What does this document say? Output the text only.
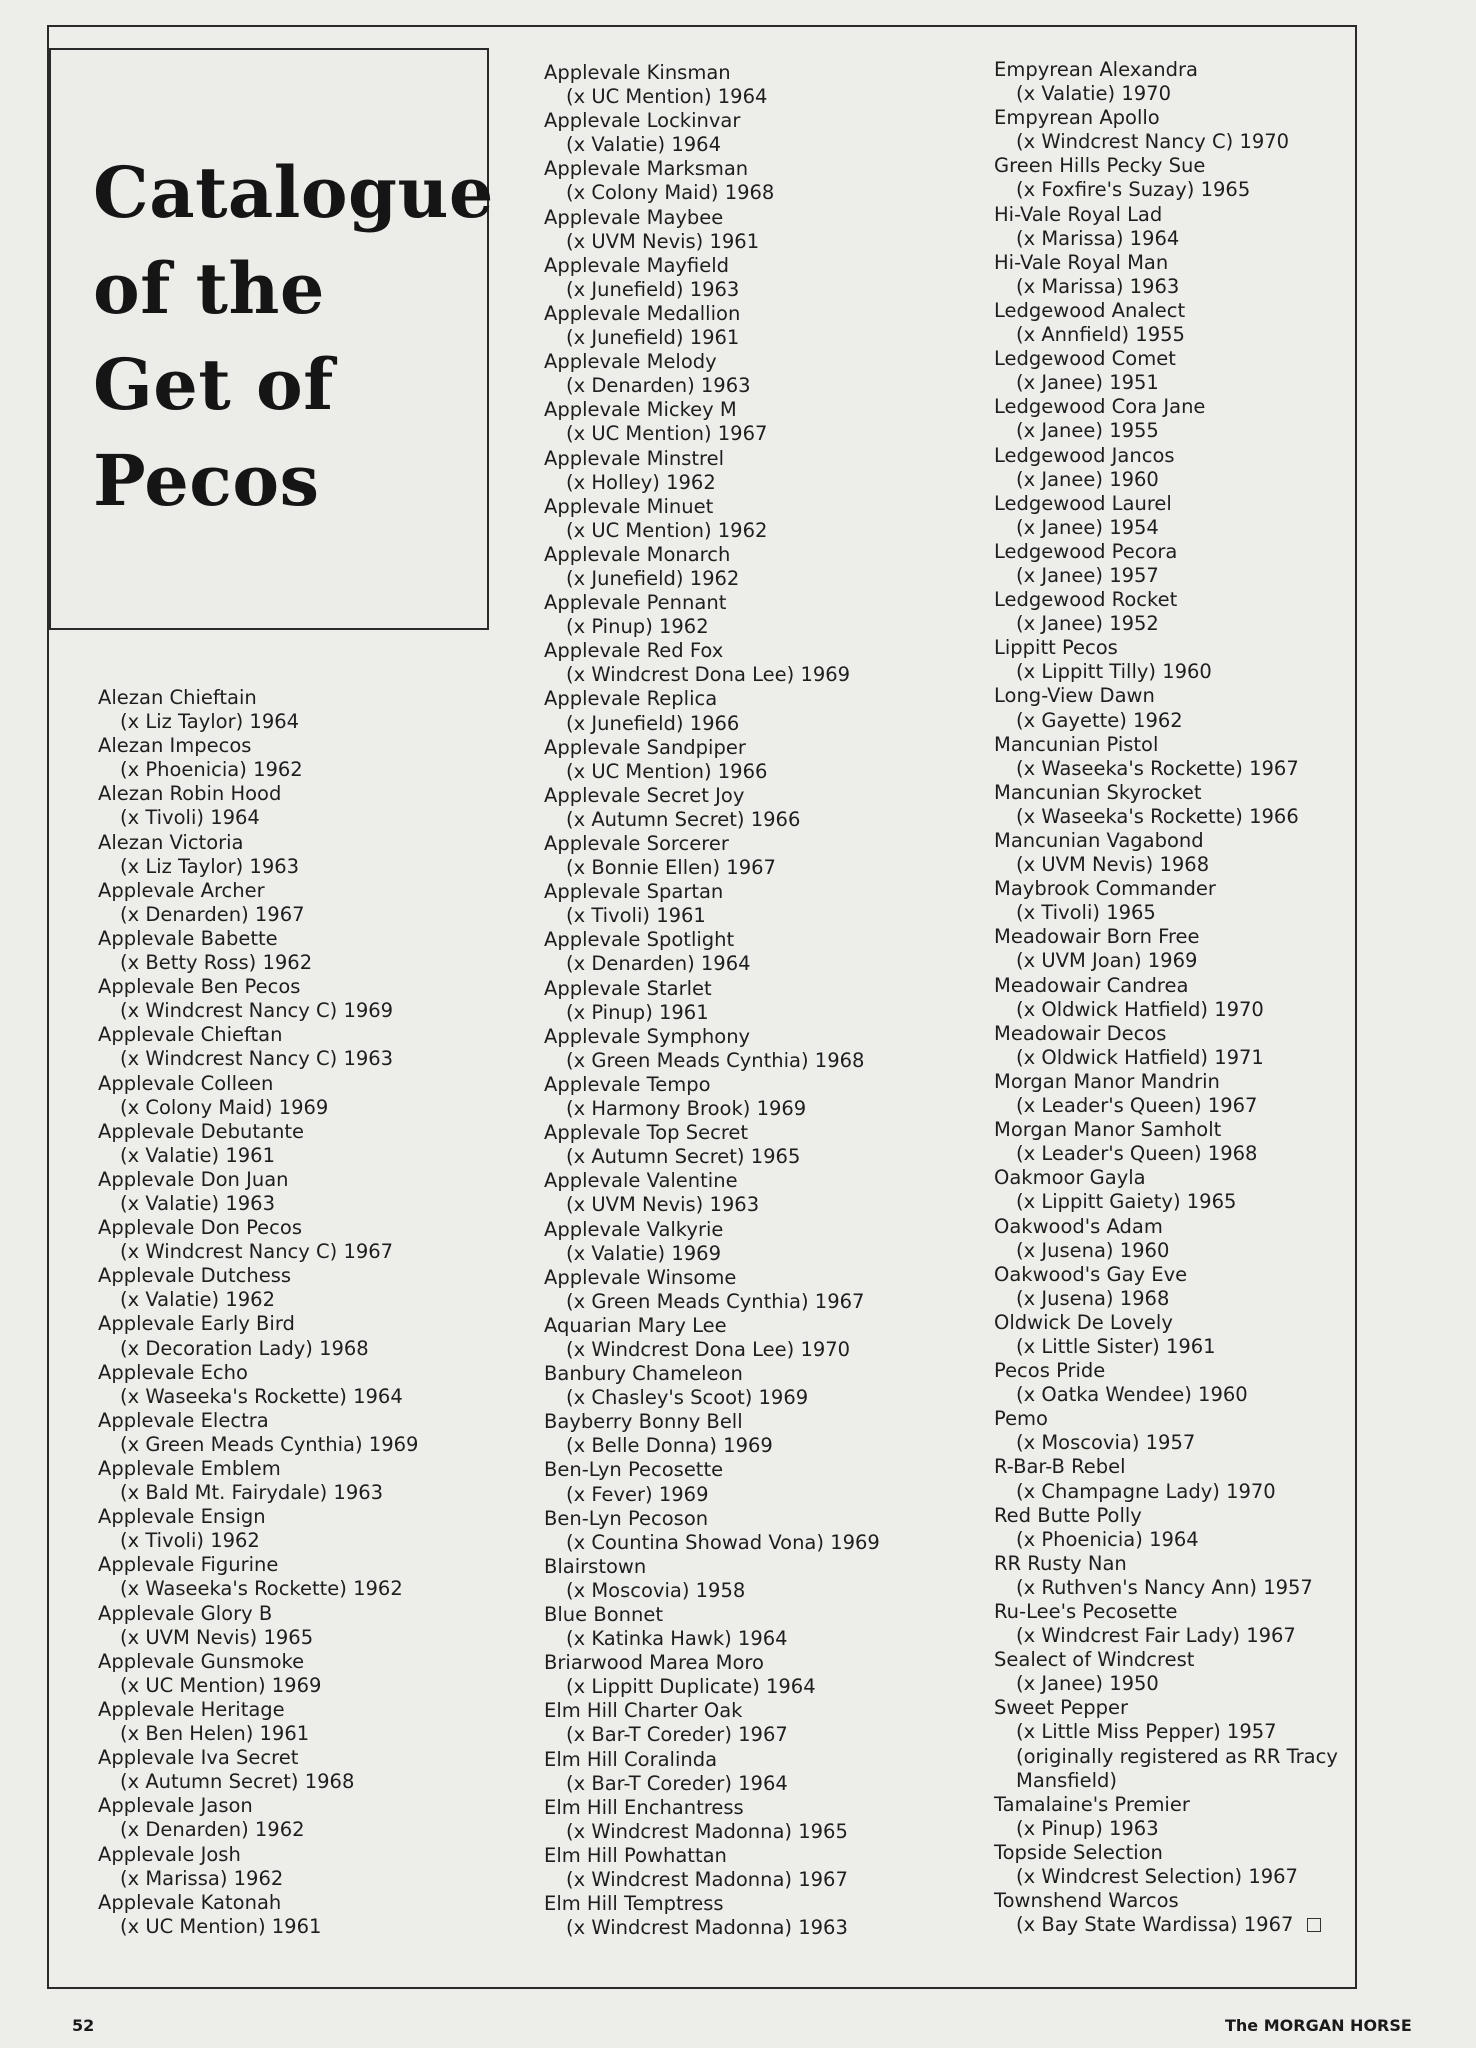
Catalogue
of the
Get of
Pecos
Alezan Chieftain
(x Liz Taylor) 1964
Alezan Impecos
(x Phoenicia) 1962
Alezan Robin Hood
(x Tivoli) 1964
Alezan Victoria
(x Liz Taylor) 1963
Applevale Archer
(x Denarden) 1967
Applevale Babette
(x Betty Ross) 1962
Applevale Ben Pecos
(x Windcrest Nancy C) 1969
Applevale Chieftan
(x Windcrest Nancy C) 1963
Applevale Colleen
(x Colony Maid) 1969
Applevale Debutante
(x Valatie) 1961
Applevale Don Juan
(x Valatie) 1963
Applevale Don Pecos
(x Windcrest Nancy C) 1967
Applevale Dutchess
(x Valatie) 1962
Applevale Early Bird
(x Decoration Lady) 1968
Applevale Echo
(x Waseeka's Rockette) 1964
Applevale Electra
(x Green Meads Cynthia) 1969
Applevale Emblem
(x Bald Mt. Fairydale) 1963
Applevale Ensign
(x Tivoli) 1962
Applevale Figurine
(x Waseeka's Rockette) 1962
Applevale Glory B
(x UVM Nevis) 1965
Applevale Gunsmoke
(x UC Mention) 1969
Applevale Heritage
(x Ben Helen) 1961
Applevale Iva Secret
(x Autumn Secret) 1968
Applevale Jason
(x Denarden) 1962
Applevale Josh
(x Marissa) 1962
Applevale Katonah
(x UC Mention) 1961
Applevale Kinsman
(x UC Mention) 1964
Applevale Lockinvar
(x Valatie) 1964
Applevale Marksman
(x Colony Maid) 1968
Applevale Maybee
(x UVM Nevis) 1961
Applevale Mayfield
(x Junefield) 1963
Applevale Medallion
(x Junefield) 1961
Applevale Melody
(x Denarden) 1963
Applevale Mickey M
(x UC Mention) 1967
Applevale Minstrel
(x Holley) 1962
Applevale Minuet
(x UC Mention) 1962
Applevale Monarch
(x Junefield) 1962
Applevale Pennant
(x Pinup) 1962
Applevale Red Fox
(x Windcrest Dona Lee) 1969
Applevale Replica
(x Junefield) 1966
Applevale Sandpiper
(x UC Mention) 1966
Applevale Secret Joy
(x Autumn Secret) 1966
Applevale Sorcerer
(x Bonnie Ellen) 1967
Applevale Spartan
(x Tivoli) 1961
Applevale Spotlight
(x Denarden) 1964
Applevale Starlet
(x Pinup) 1961
Applevale Symphony
(x Green Meads Cynthia) 1968
Applevale Tempo
(x Harmony Brook) 1969
Applevale Top Secret
(x Autumn Secret) 1965
Applevale Valentine
(x UVM Nevis) 1963
Applevale Valkyrie
(x Valatie) 1969
Applevale Winsome
(x Green Meads Cynthia) 1967
Aquarian Mary Lee
(x Windcrest Dona Lee) 1970
Banbury Chameleon
(x Chasley's Scoot) 1969
Bayberry Bonny Bell
(x Belle Donna) 1969
Ben-Lyn Pecosette
(x Fever) 1969
Ben-Lyn Pecoson
(x Countina Showad Vona) 1969
Blairstown
(x Moscovia) 1958
Blue Bonnet
(x Katinka Hawk) 1964
Briarwood Marea Moro
(x Lippitt Duplicate) 1964
Elm Hill Charter Oak
(x Bar-T Coreder) 1967
Elm Hill Coralinda
(x Bar-T Coreder) 1964
Elm Hill Enchantress
(x Windcrest Madonna) 1965
Elm Hill Powhattan
(x Windcrest Madonna) 1967
Elm Hill Temptress
(x Windcrest Madonna) 1963
Empyrean Alexandra
(x Valatie) 1970
Empyrean Apollo
(x Windcrest Nancy C) 1970
Green Hills Pecky Sue
(x Foxfire's Suzay) 1965
Hi-Vale Royal Lad
(x Marissa) 1964
Hi-Vale Royal Man
(x Marissa) 1963
Ledgewood Analect
(x Annfield) 1955
Ledgewood Comet
(x Janee) 1951
Ledgewood Cora Jane
(x Janee) 1955
Ledgewood Jancos
(x Janee) 1960
Ledgewood Laurel
(x Janee) 1954
Ledgewood Pecora
(x Janee) 1957
Ledgewood Rocket
(x Janee) 1952
Lippitt Pecos
(x Lippitt Tilly) 1960
Long-View Dawn
(x Gayette) 1962
Mancunian Pistol
(x Waseeka's Rockette) 1967
Mancunian Skyrocket
(x Waseeka's Rockette) 1966
Mancunian Vagabond
(x UVM Nevis) 1968
Maybrook Commander
(x Tivoli) 1965
Meadowair Born Free
(x UVM Joan) 1969
Meadowair Candrea
(x Oldwick Hatfield) 1970
Meadowair Decos
(x Oldwick Hatfield) 1971
Morgan Manor Mandrin
(x Leader's Queen) 1967
Morgan Manor Samholt
(x Leader's Queen) 1968
Oakmoor Gayla
(x Lippitt Gaiety) 1965
Oakwood's Adam
(x Jusena) 1960
Oakwood's Gay Eve
(x Jusena) 1968
Oldwick De Lovely
(x Little Sister) 1961
Pecos Pride
(x Oatka Wendee) 1960
Pemo
(x Moscovia) 1957
R-Bar-B Rebel
(x Champagne Lady) 1970
Red Butte Polly
(x Phoenicia) 1964
RR Rusty Nan
(x Ruthven's Nancy Ann) 1957
Ru-Lee's Pecosette
(x Windcrest Fair Lady) 1967
Sealect of Windcrest
(x Janee) 1950
Sweet Pepper
(x Little Miss Pepper) 1957
(originally registered as RR Tracy
Mansfield)
Tamalaine's Premier
(x Pinup) 1963
Topside Selection
(x Windcrest Selection) 1967
Townshend Warcos
(x Bay State Wardissa) 1967
52	The MORGAN HORSE
